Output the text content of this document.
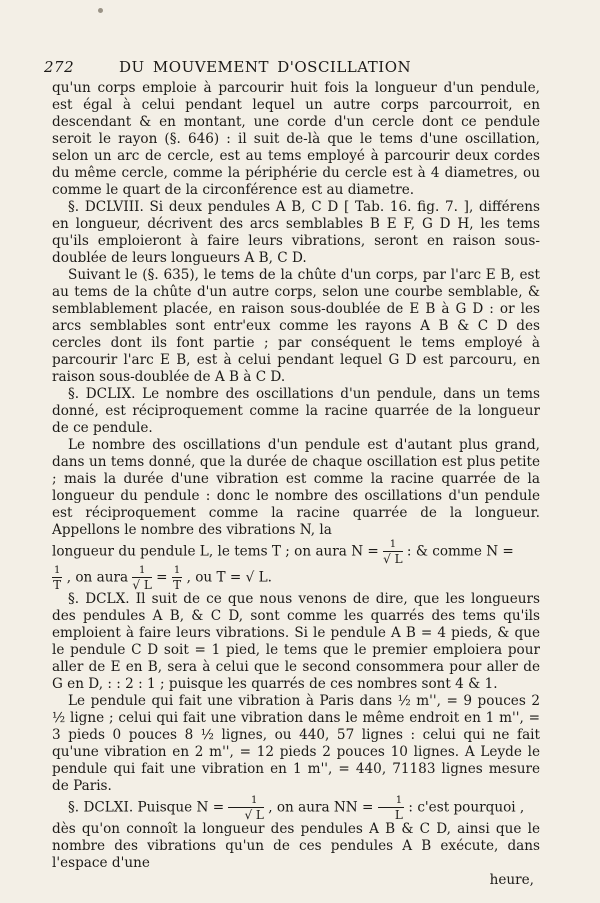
272	DU MOUVEMENT D'OSCILLATION

qu'un corps emploie à parcourir huit fois la longueur d'un pendule, est égal à celui pendant lequel un autre corps parcourroit, en descendant & en montant, une corde d'un cercle dont ce pendule seroit le rayon (§. 646) : il suit de-là que le tems d'une oscillation, selon un arc de cercle, est au tems employé à parcourir deux cordes du même cercle, comme la périphérie du cercle est à 4 diametres, ou comme le quart de la circonférence est au diametre.

§. DCLVIII. Si deux pendules A B, C D [ Tab. 16. fig. 7. ], différens en longueur, décrivent des arcs semblables B E F, G D H, les tems qu'ils emploieront à faire leurs vibrations, seront en raison sous-doublée de leurs longueurs A B, C D.

Suivant le (§. 635), le tems de la chûte d'un corps, par l'arc E B, est au tems de la chûte d'un autre corps, selon une courbe semblable, & semblablement placée, en raison sous-doublée de E B à G D : or les arcs semblables sont entr'eux comme les rayons A B & C D des cercles dont ils font partie ; par conséquent le tems employé à parcourir l'arc E B, est à celui pendant lequel G D est parcouru, en raison sous-doublée de A B à C D.

§. DCLIX. Le nombre des oscillations d'un pendule, dans un tems donné, est réciproquement comme la racine quarrée de la longueur de ce pendule.

Le nombre des oscillations d'un pendule est d'autant plus grand, dans un tems donné, que la durée de chaque oscillation est plus petite ; mais la durée d'une vibration est comme la racine quarrée de la longueur du pendule : donc le nombre des oscillations d'un pendule est réciproquement comme la racine quarrée de la longueur. Appellons le nombre des vibrations N, la

longueur du pendule L, le tems T ; on aura $N = \frac{1}{√ L}$ : & comme N =

$\frac{1}{T}$ , on aura $\frac{1}{√ L} = \frac{1}{T}$ , ou T = √ L.

§. DCLX. Il suit de ce que nous venons de dire, que les longueurs des pendules A B, & C D, sont comme les quarrés des tems qu'ils emploient à faire leurs vibrations. Si le pendule A B = 4 pieds, & que le pendule C D soit = 1 pied, le tems que le premier emploiera pour aller de E en B, sera à celui que le second consommera pour aller de G en D, : : 2 : 1 ; puisque les quarrés de ces nombres sont 4 & 1.

Le pendule qui fait une vibration à Paris dans ½ m'', = 9 pouces 2 ½ ligne ; celui qui fait une vibration dans le même endroit en 1 m'', = 3 pieds 0 pouces 8 ½ lignes, ou 440, 57 lignes : celui qui ne fait qu'une vibration en 2 m'', = 12 pieds 2 pouces 10 lignes. A Leyde le pendule qui fait une vibration en 1 m'', = 440, 71183 lignes mesure de Paris.

§. DCLXI. Puisque $N = \frac{1}{√ L}$ , on aura NN = $\frac{1}{L}$ : c'est pourquoi ,

dès qu'on connoît la longueur des pendules A B & C D, ainsi que le nombre des vibrations qu'un de ces pendules A B exécute, dans l'espace d'une

heure,
